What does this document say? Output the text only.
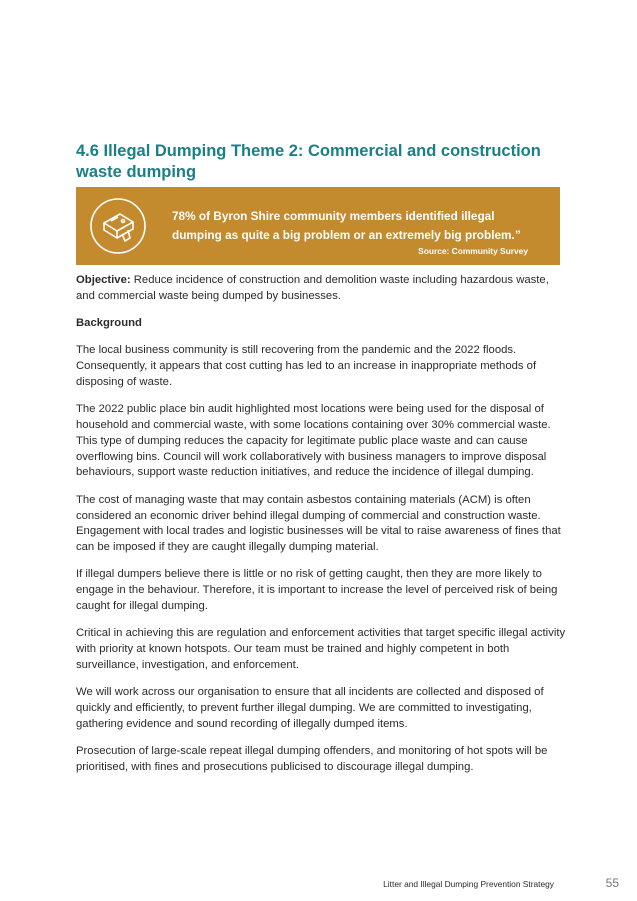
4.6 Illegal Dumping Theme 2: Commercial and construction waste dumping

78% of Byron Shire community members identified illegal dumping as quite a big problem or an extremely big problem.”

Source: Community Survey

Objective: Reduce incidence of construction and demolition waste including hazardous waste, and commercial waste being dumped by businesses.

Background

The local business community is still recovering from the pandemic and the 2022 floods. Consequently, it appears that cost cutting has led to an increase in inappropriate methods of disposing of waste.

The 2022 public place bin audit highlighted most locations were being used for the disposal of household and commercial waste, with some locations containing over 30% commercial waste. This type of dumping reduces the capacity for legitimate public place waste and can cause overflowing bins. Council will work collaboratively with business managers to improve disposal behaviours, support waste reduction initiatives, and reduce the incidence of illegal dumping.

The cost of managing waste that may contain asbestos containing materials (ACM) is often considered an economic driver behind illegal dumping of commercial and construction waste. Engagement with local trades and logistic businesses will be vital to raise awareness of fines that can be imposed if they are caught illegally dumping material.

If illegal dumpers believe there is little or no risk of getting caught, then they are more likely to engage in the behaviour. Therefore, it is important to increase the level of perceived risk of being caught for illegal dumping.

Critical in achieving this are regulation and enforcement activities that target specific illegal activity with priority at known hotspots. Our team must be trained and highly competent in both surveillance, investigation, and enforcement.

We will work across our organisation to ensure that all incidents are collected and disposed of quickly and efficiently, to prevent further illegal dumping. We are committed to investigating, gathering evidence and sound recording of illegally dumped items.

Prosecution of large-scale repeat illegal dumping offenders, and monitoring of hot spots will be prioritised, with fines and prosecutions publicised to discourage illegal dumping.

Litter and Illegal Dumping Prevention Strategy	55
